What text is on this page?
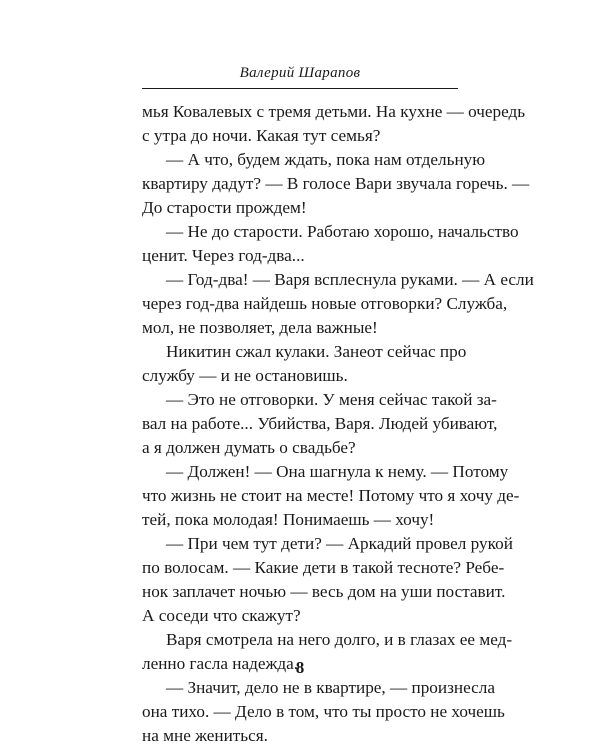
Валерий Шарапов
мья Ковалевых с тремя детьми. На кухне — очередь
с утра до ночи. Какая тут семья?
— А что, будем ждать, пока нам отдельную
квартиру дадут? — В голосе Вари звучала горечь. —
До старости прождем!
— Не до старости. Работаю хорошо, начальство
ценит. Через год-два...
— Год-два! — Варя всплеснула руками. — А если
через год-два найдешь новые отговорки? Служба,
мол, не позволяет, дела важные!
Никитин сжал кулаки. Занеот сейчас про
службу — и не остановишь.
— Это не отговорки. У меня сейчас такой за-
вал на работе... Убийства, Варя. Людей убивают,
а я должен думать о свадьбе?
— Должен! — Она шагнула к нему. — Потому
что жизнь не стоит на месте! Потому что я хочу де-
тей, пока молодая! Понимаешь — хочу!
— При чем тут дети? — Аркадий провел рукой
по волосам. — Какие дети в такой тесноте? Ребе-
нок заплачет ночью — весь дом на уши поставит.
А соседи что скажут?
Варя смотрела на него долго, и в глазах ее мед-
ленно гасла надежда.
— Значит, дело не в квартире, — произнесла
она тихо. — Дело в том, что ты просто не хочешь
на мне жениться.
8
